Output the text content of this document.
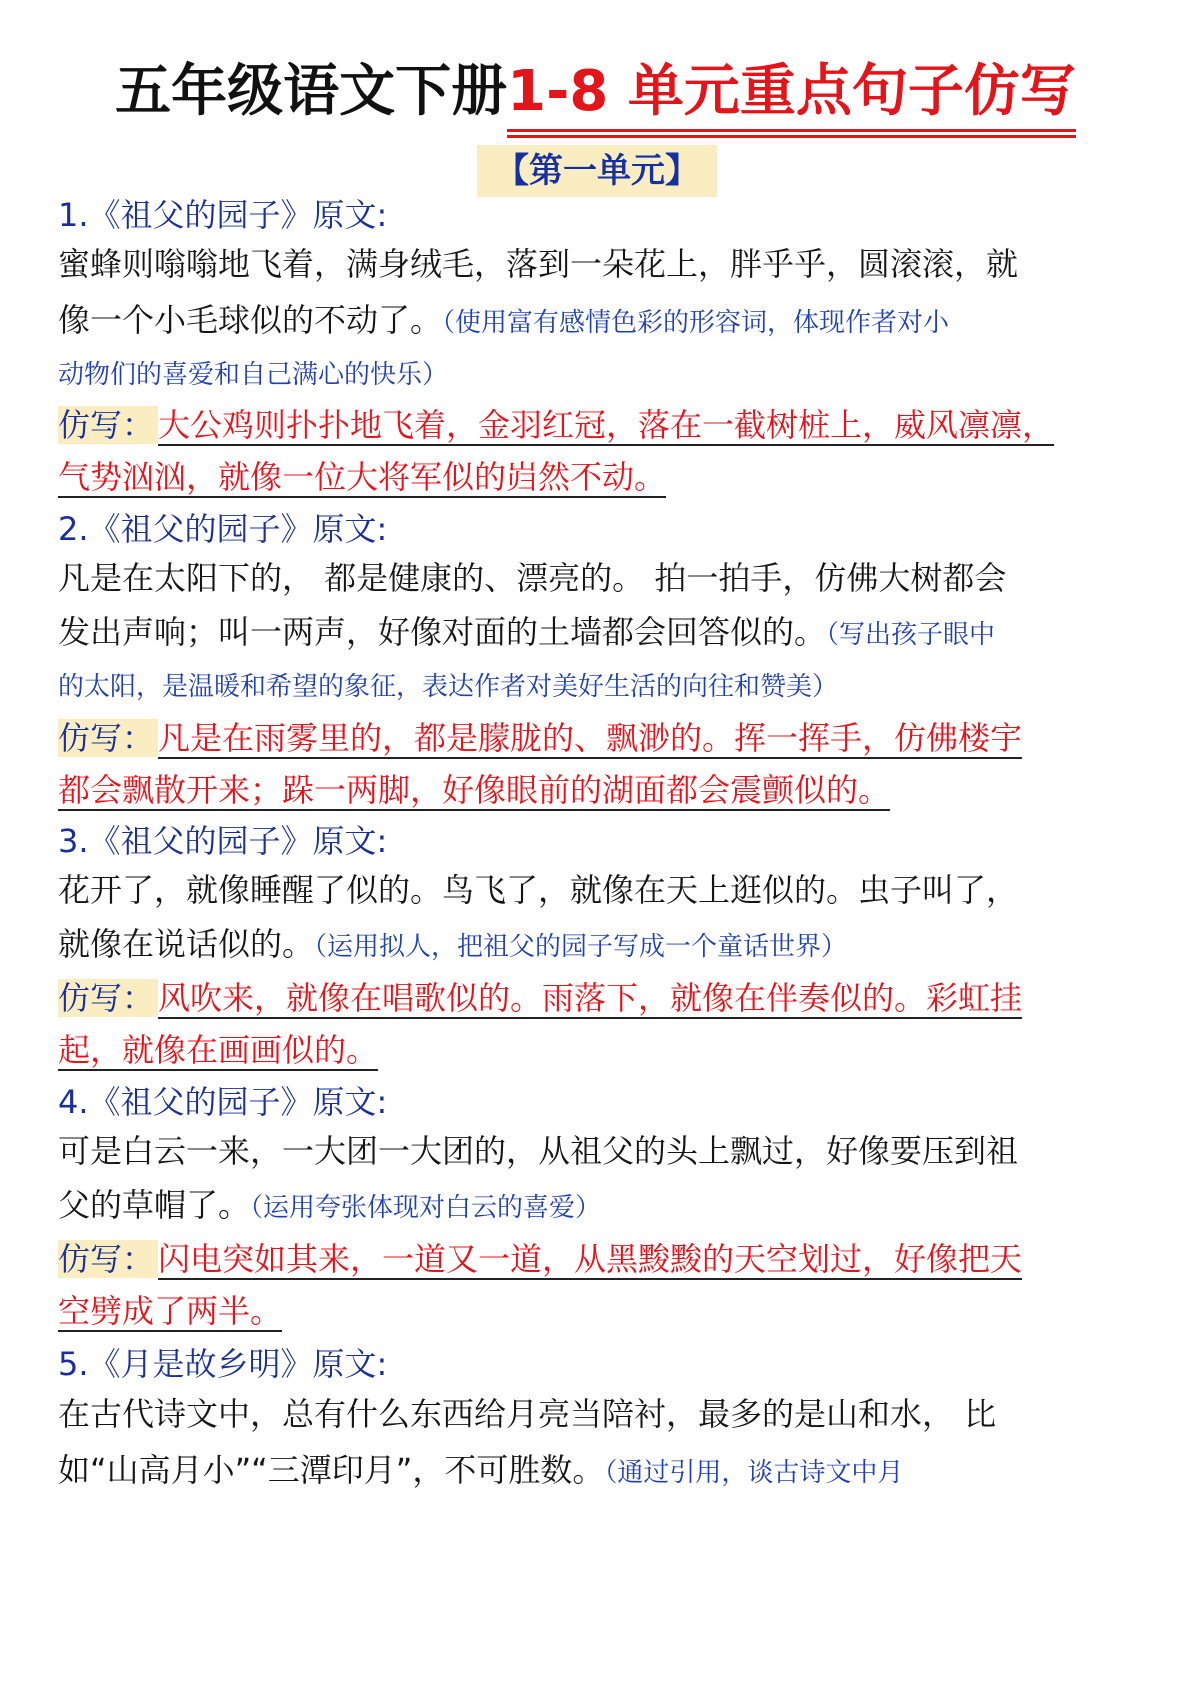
五年级语文下册1-8 单元重点句子仿写
【第一单元】
1.《祖父的园子》原文:
蜜蜂则嗡嗡地飞着，满身绒毛，落到一朵花上，胖乎乎，圆滚滚，就
像一个小毛球似的不动了。（使用富有感情色彩的形容词，体现作者对小
动物们的喜爱和自己满心的快乐）
仿写： 大公鸡则扑扑地飞着，金羽红冠，落在一截树桩上，威风凛凛，
气势汹汹，就像一位大将军似的岿然不动。
2.《祖父的园子》原文:
凡是在太阳下的， 都是健康的、漂亮的。 拍一拍手，仿佛大树都会
发出声响；叫一两声，好像对面的土墙都会回答似的。（写出孩子眼中
的太阳，是温暖和希望的象征，表达作者对美好生活的向往和赞美）
仿写： 凡是在雨雾里的，都是朦胧的、飘渺的。挥一挥手，仿佛楼宇
都会飘散开来；跺一两脚，好像眼前的湖面都会震颤似的。
3.《祖父的园子》原文:
花开了，就像睡醒了似的。鸟飞了，就像在天上逛似的。虫子叫了，
就像在说话似的。（运用拟人，把祖父的园子写成一个童话世界）
仿写： 风吹来，就像在唱歌似的。雨落下，就像在伴奏似的。彩虹挂
起，就像在画画似的。
4.《祖父的园子》原文:
可是白云一来，一大团一大团的，从祖父的头上飘过，好像要压到祖
父的草帽了。（运用夸张体现对白云的喜爱）
仿写： 闪电突如其来，一道又一道，从黑黢黢的天空划过，好像把天
空劈成了两半。
5.《月是故乡明》原文:
在古代诗文中，总有什么东西给月亮当陪衬，最多的是山和水， 比
如“山高月小”“三潭印月”，不可胜数。（通过引用，谈古诗文中月
